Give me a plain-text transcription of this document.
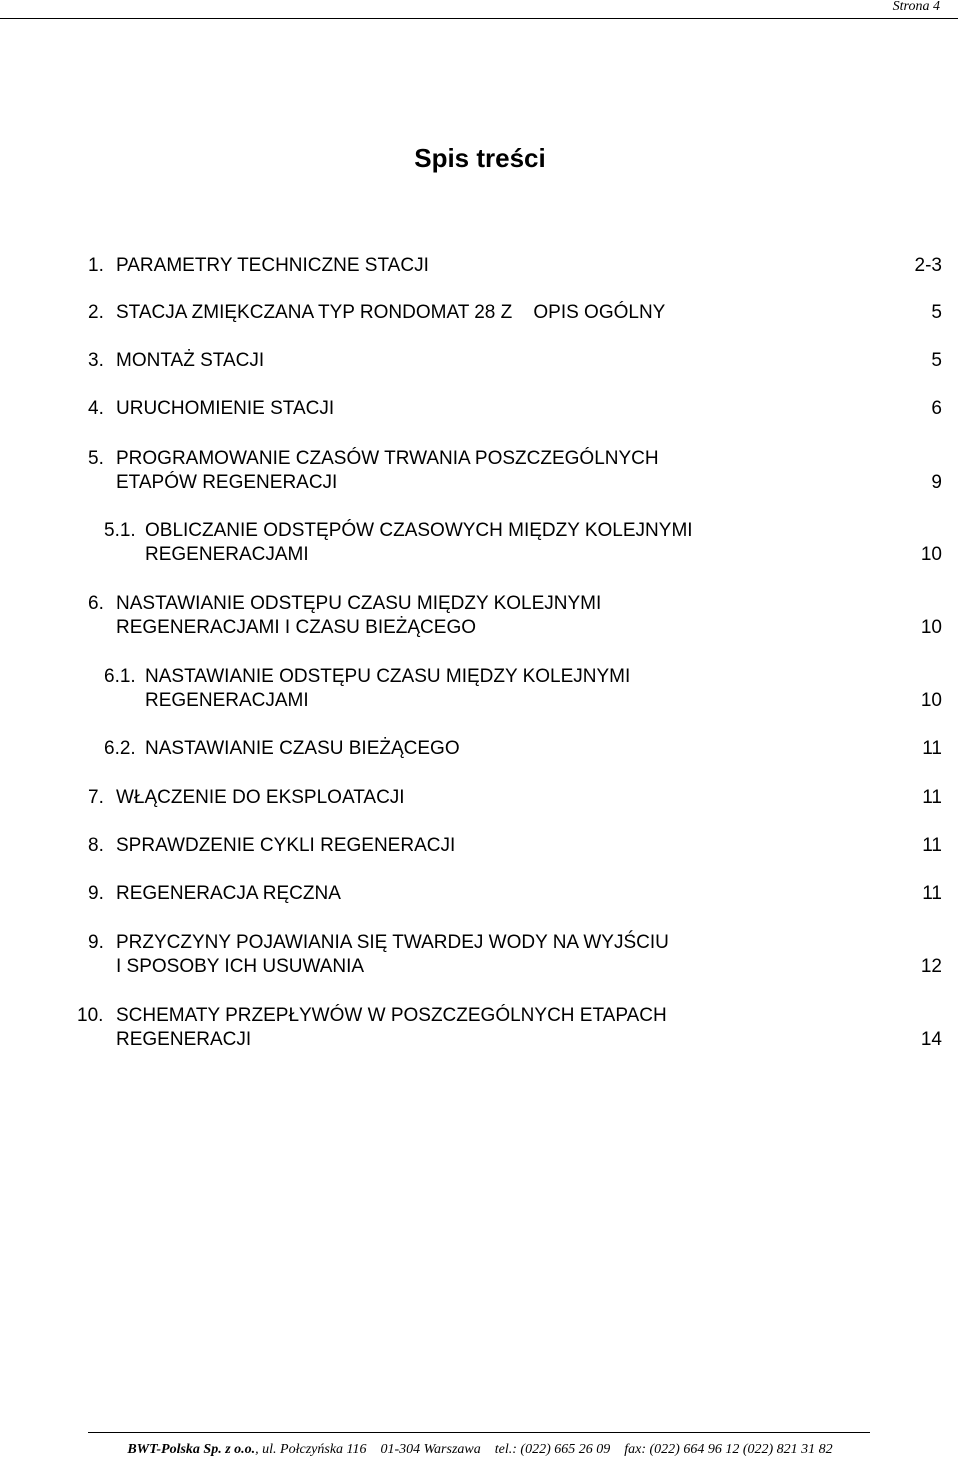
Strona 4
Spis treści
1. PARAMETRY TECHNICZNE STACJI	2-3
2. STACJA ZMIĘKCZANA TYP RONDOMAT 28 Z    OPIS OGÓLNY	5
3. MONTAŻ STACJI	5
4. URUCHOMIENIE STACJI	6
5. PROGRAMOWANIE CZASÓW TRWANIA POSZCZEGÓLNYCH
ETAPÓW REGENERACJI	9
5.1. OBLICZANIE ODSTĘPÓW CZASOWYCH MIĘDZY KOLEJNYMI
REGENERACJAMI	10
6. NASTAWIANIE ODSTĘPU CZASU MIĘDZY KOLEJNYMI
REGENERACJAMI I CZASU BIEŻĄCEGO	10
6.1. NASTAWIANIE ODSTĘPU CZASU MIĘDZY KOLEJNYMI
REGENERACJAMI	10
6.2. NASTAWIANIE CZASU BIEŻĄCEGO	11
7. WŁĄCZENIE DO EKSPLOATACJI	11
8. SPRAWDZENIE CYKLI REGENERACJI	11
9. REGENERACJA RĘCZNA	11
9. PRZYCZYNY POJAWIANIA SIĘ TWARDEJ WODY NA WYJŚCIU
I SPOSOBY ICH USUWANIA	12
10. SCHEMATY PRZEPŁYWÓW W POSZCZEGÓLNYCH ETAPACH
REGENERACJI	14
BWT-Polska Sp. z o.o., ul. Połczyńska 116 01-304 Warszawa tel.: (022) 665 26 09 fax: (022) 664 96 12 (022) 821 31 82
